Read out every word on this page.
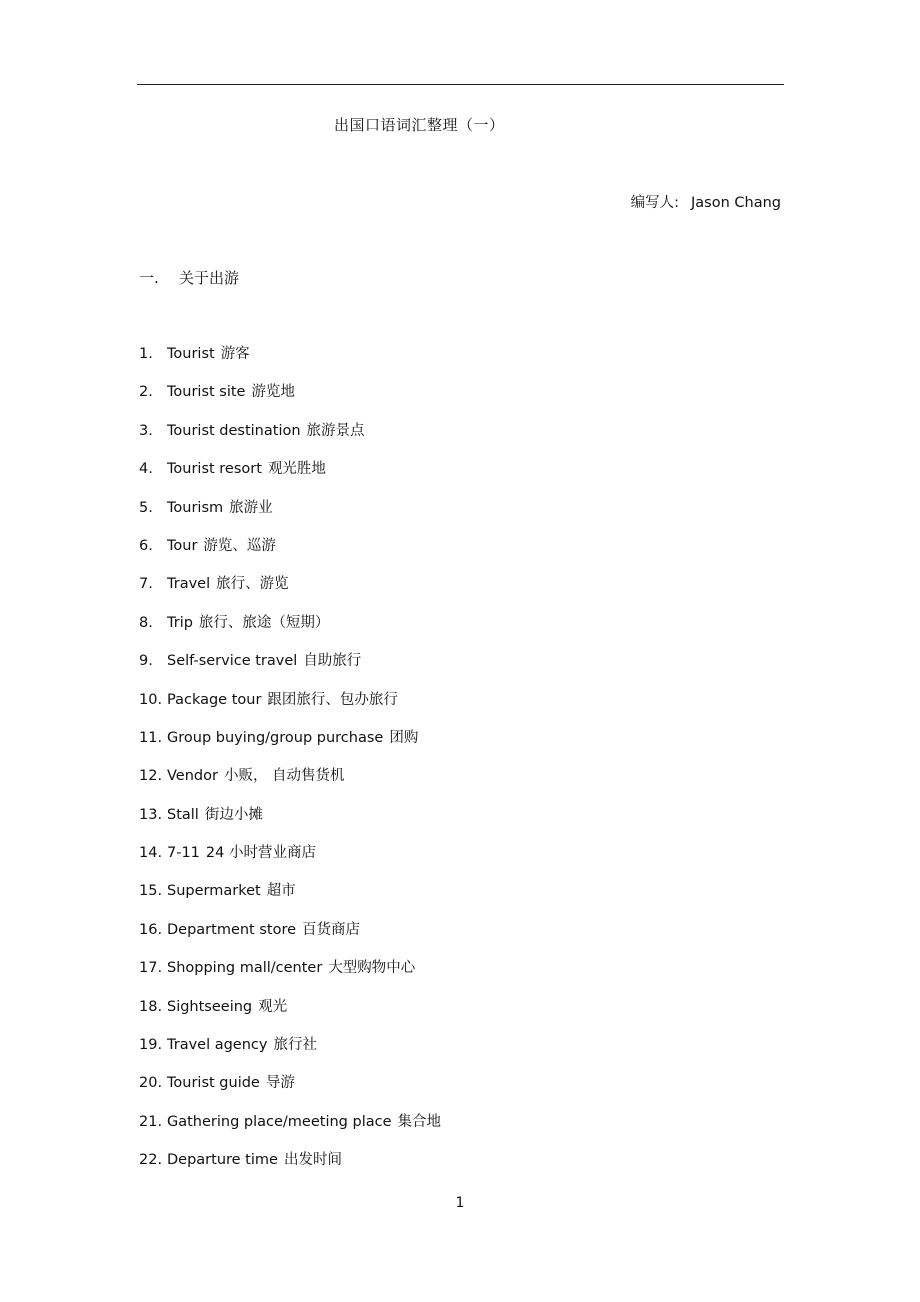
出国口语词汇整理（一）
编写人: Jason Chang
一. 关于出游
1. Tourist 游客
2. Tourist site 游览地
3. Tourist destination 旅游景点
4. Tourist resort 观光胜地
5. Tourism 旅游业
6. Tour 游览、巡游
7. Travel 旅行、游览
8. Trip 旅行、旅途（短期）
9. Self-service travel 自助旅行
10. Package tour 跟团旅行、包办旅行
11. Group buying/group purchase 团购
12. Vendor 小贩， 自动售货机
13. Stall 街边小摊
14. 7-11 24 小时营业商店
15. Supermarket 超市
16. Department store 百货商店
17. Shopping mall/center 大型购物中心
18. Sightseeing 观光
19. Travel agency 旅行社
20. Tourist guide 导游
21. Gathering place/meeting place 集合地
22. Departure time 出发时间
1
